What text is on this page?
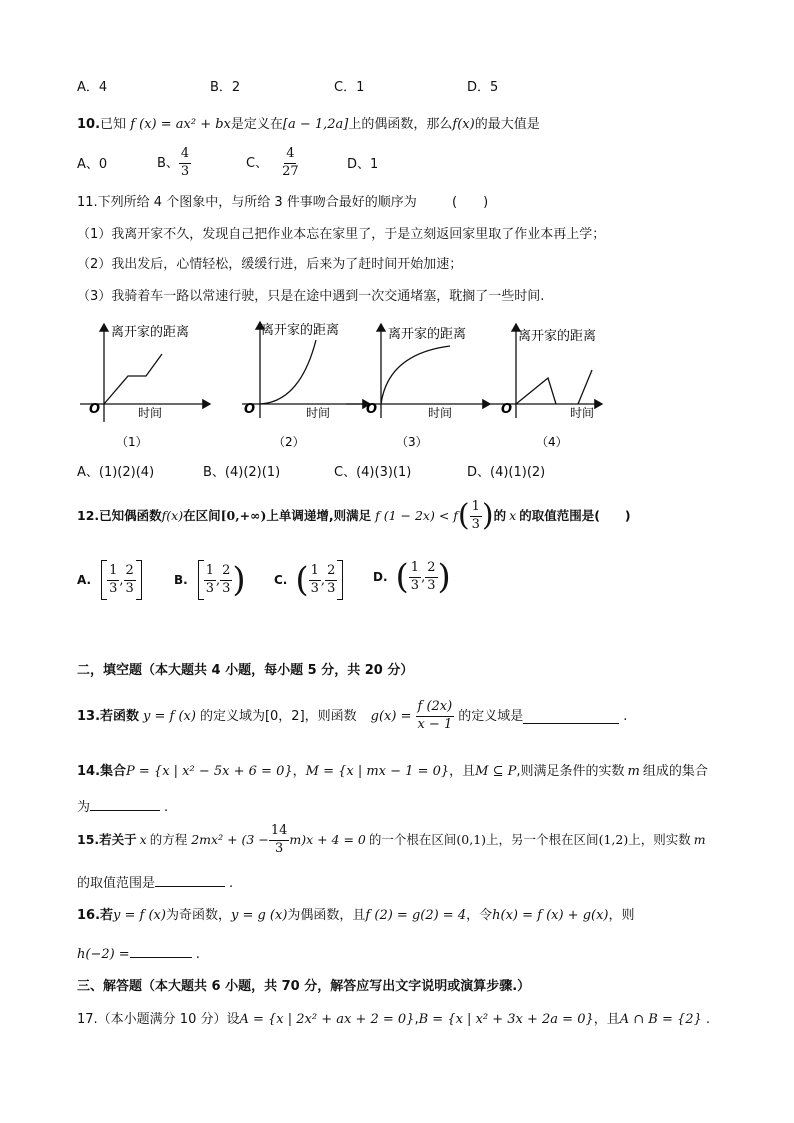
A．4	B．2	C．1	D．5
10.已知 f (x) = ax² + bx是定义在[a − 1,2a]上的偶函数，那么f(x)的最大值是
A、0	B、 $\frac{4}{3}$	C、 $\frac{4}{27}$	D、1
11.下列所给 4 个图象中，与所给 3 件事吻合最好的顺序为	(　　)
（1）我离开家不久，发现自己把作业本忘在家里了，于是立刻返回家里取了作业本再上学；
（2）我出发后，心情轻松，缓缓行进，后来为了赶时间开始加速；
（3）我骑着车一路以常速行驶，只是在途中遇到一次交通堵塞，耽搁了一些时间.
离开家的距离
时间
O
（1）
离开家的距离
时间
O
（2）
离开家的距离
时间
O
（3）
离开家的距离
时间
O
（4）
A、(1)(2)(4)	B、(4)(2)(1)	C、(4)(3)(1)	D、(4)(1)(2)
12.已知偶函数 f(x) 在区间 [0,+∞) 上单调递增,则满足 f (1 − 2x) < f ( $\frac{1}{3}$ ) 的 x 的取值范围是(　　)
A. $\frac{1}{3}$ , $\frac{2}{3}$	B. $\frac{1}{3}$ , $\frac{2}{3}$ ) C. ( $\frac{1}{3}$ , $\frac{2}{3}$	D. ( $\frac{1}{3}$ , $\frac{2}{3}$ )
二，填空题（本大题共 4 小题，每小题 5 分，共 20 分）
13.若函数 y = f (x) 的定义域为[0，2]，则函数 $g(x) = \frac{f (2x)}{x - 1}$ 的定义域是	.
14.集合P = {x | x² − 5x + 6 = 0}，M = {x | mx − 1 = 0}，且M ⊆ P,则满足条件的实数 m 组成的集合
为	.
15.若关于 x 的方程 $2mx^2 + (3 - \frac{14}{3} m)x + 4 = 0$ 的一个根在区间 (0,1) 上，另一个根在区间 (1,2) 上，则实数 m
的取值范围是	.
16.若y = f (x)为奇函数，y = g (x)为偶函数，且f (2) = g(2) = 4，令h(x) = f (x) + g(x)，则
h(−2) =	.
三、解答题（本大题共 6 小题，共 70 分，解答应写出文字说明或演算步骤.）
17.（本小题满分 10 分）设A = {x | 2x² + ax + 2 = 0},B = {x | x² + 3x + 2a = 0}，且A ∩ B = {2} .
